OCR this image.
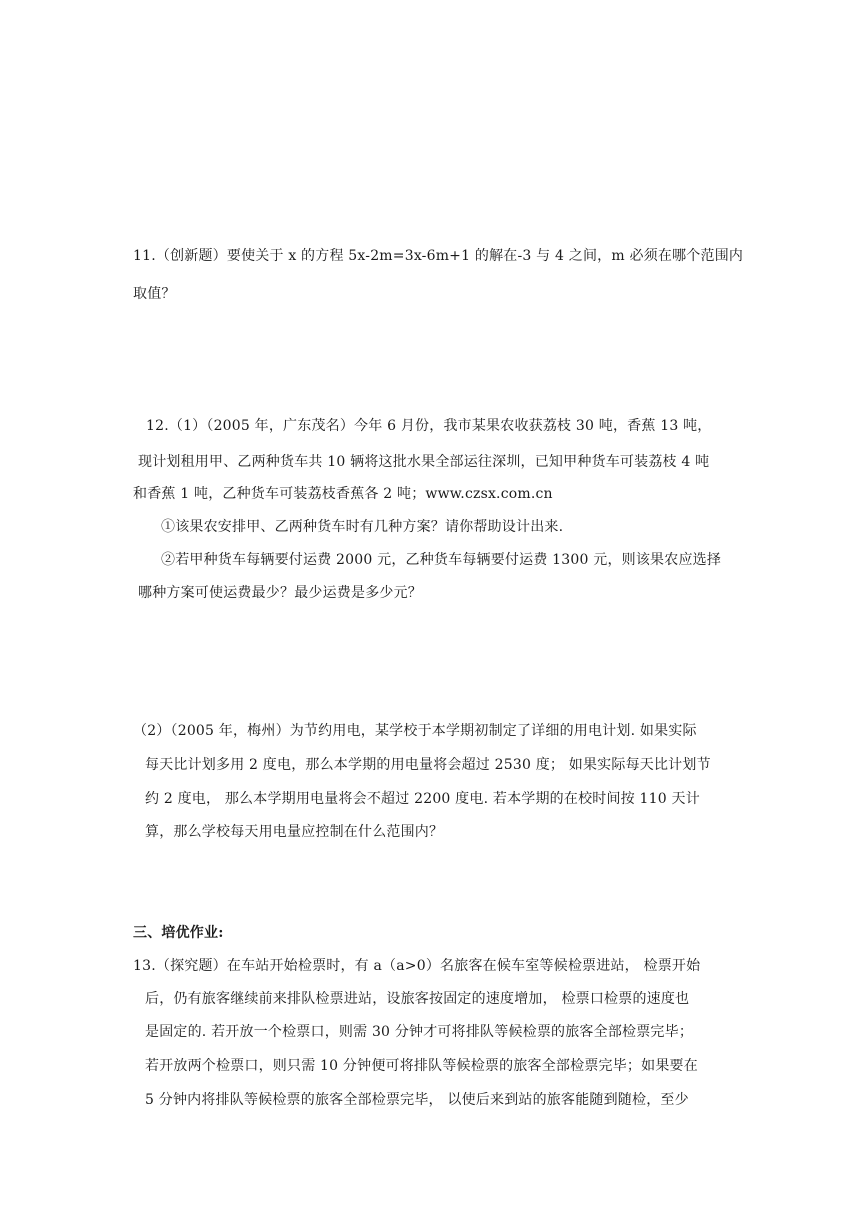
11.（创新题）要使关于 x 的方程 5x-2m=3x-6m+1 的解在-3 与 4 之间，m 必须在哪个范围内
取值？
12.（1）（2005 年，广东茂名）今年 6 月份，我市某果农收获荔枝 30 吨，香蕉 13 吨，
现计划租用甲、乙两种货车共 10 辆将这批水果全部运往深圳，已知甲种货车可装荔枝 4 吨
和香蕉 1 吨，乙种货车可装荔枝香蕉各 2 吨；www.czsx.com.cn
①该果农安排甲、乙两种货车时有几种方案？请你帮助设计出来.
②若甲种货车每辆要付运费 2000 元，乙种货车每辆要付运费 1300 元，则该果农应选择
哪种方案可使运费最少？最少运费是多少元？
（2）（2005 年，梅州）为节约用电，某学校于本学期初制定了详细的用电计划. 如果实际
每天比计划多用 2 度电，那么本学期的用电量将会超过 2530 度； 如果实际每天比计划节
约 2 度电， 那么本学期用电量将会不超过 2200 度电. 若本学期的在校时间按 110 天计
算，那么学校每天用电量应控制在什么范围内？
三、培优作业:
13.（探究题）在车站开始检票时，有 a（a>0）名旅客在候车室等候检票进站， 检票开始
后，仍有旅客继续前来排队检票进站，设旅客按固定的速度增加， 检票口检票的速度也
是固定的. 若开放一个检票口，则需 30 分钟才可将排队等候检票的旅客全部检票完毕；
若开放两个检票口，则只需 10 分钟便可将排队等候检票的旅客全部检票完毕；如果要在
5 分钟内将排队等候检票的旅客全部检票完毕， 以使后来到站的旅客能随到随检，至少
